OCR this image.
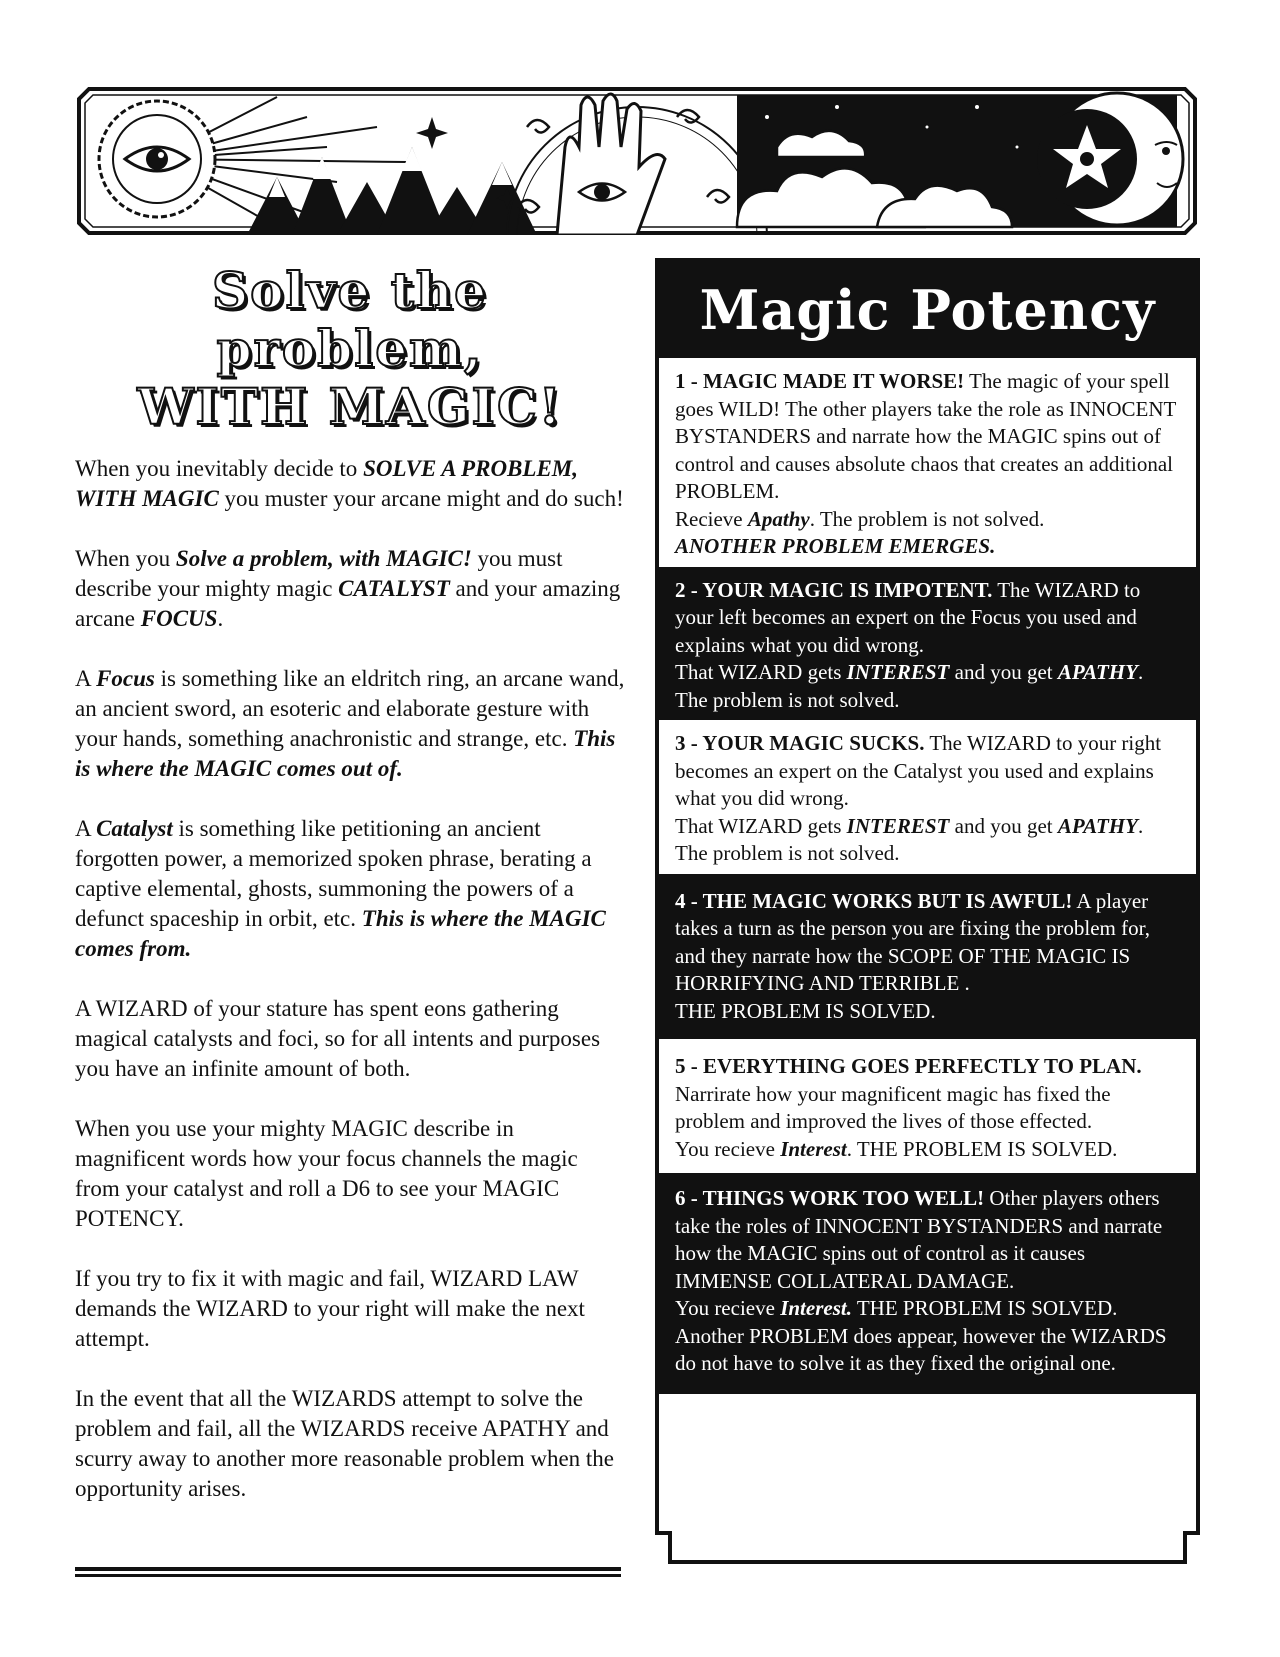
Solve the problem,
WITH MAGIC!

When you inevitably decide to SOLVE A PROBLEM, WITH MAGIC you muster your arcane might and do such!

When you Solve a problem, with MAGIC! you must describe your mighty magic CATALYST and your amazing arcane FOCUS.

A Focus is something like an eldritch ring, an arcane wand, an ancient sword, an esoteric and elaborate gesture with your hands, something anachronistic and strange, etc. This is where the MAGIC comes out of.

A Catalyst is something like petitioning an ancient forgotten power, a memorized spoken phrase, berating a captive elemental, ghosts, summoning the powers of a defunct spaceship in orbit, etc. This is where the MAGIC comes from.

A WIZARD of your stature has spent eons gathering magical catalysts and foci, so for all intents and purposes you have an infinite amount of both.

When you use your mighty MAGIC describe in magnificent words how your focus channels the magic from your catalyst and roll a D6 to see your MAGIC POTENCY.

If you try to fix it with magic and fail, WIZARD LAW demands the WIZARD to your right will make the next attempt.

In the event that all the WIZARDS attempt to solve the problem and fail, all the WIZARDS receive APATHY and scurry away to another more reasonable problem when the opportunity arises.

Magic Potency
1 - MAGIC MADE IT WORSE! The magic of your spell goes WILD! The other players take the role as INNOCENT BYSTANDERS and narrate how the MAGIC spins out of control and causes absolute chaos that creates an additional PROBLEM.
Recieve Apathy. The problem is not solved.
ANOTHER PROBLEM EMERGES.
2 - YOUR MAGIC IS IMPOTENT. The WIZARD to your left becomes an expert on the Focus you used and explains what you did wrong.
That WIZARD gets INTEREST and you get APATHY.
The problem is not solved.
3 - YOUR MAGIC SUCKS. The WIZARD to your right becomes an expert on the Catalyst you used and explains what you did wrong.
That WIZARD gets INTEREST and you get APATHY.
The problem is not solved.
4 - THE MAGIC WORKS BUT IS AWFUL! A player takes a turn as the person you are fixing the problem for, and they narrate how the SCOPE OF THE MAGIC IS HORRIFYING AND TERRIBLE .
THE PROBLEM IS SOLVED.
5 - EVERYTHING GOES PERFECTLY TO PLAN.
Narrirate how your magnificent magic has fixed the problem and improved the lives of those effected.
You recieve Interest. THE PROBLEM IS SOLVED.
6 - THINGS WORK TOO WELL! Other players others take the roles of INNOCENT BYSTANDERS and narrate how the MAGIC spins out of control as it causes IMMENSE COLLATERAL DAMAGE.
You recieve Interest. THE PROBLEM IS SOLVED.
Another PROBLEM does appear, however the WIZARDS do not have to solve it as they fixed the original one.
